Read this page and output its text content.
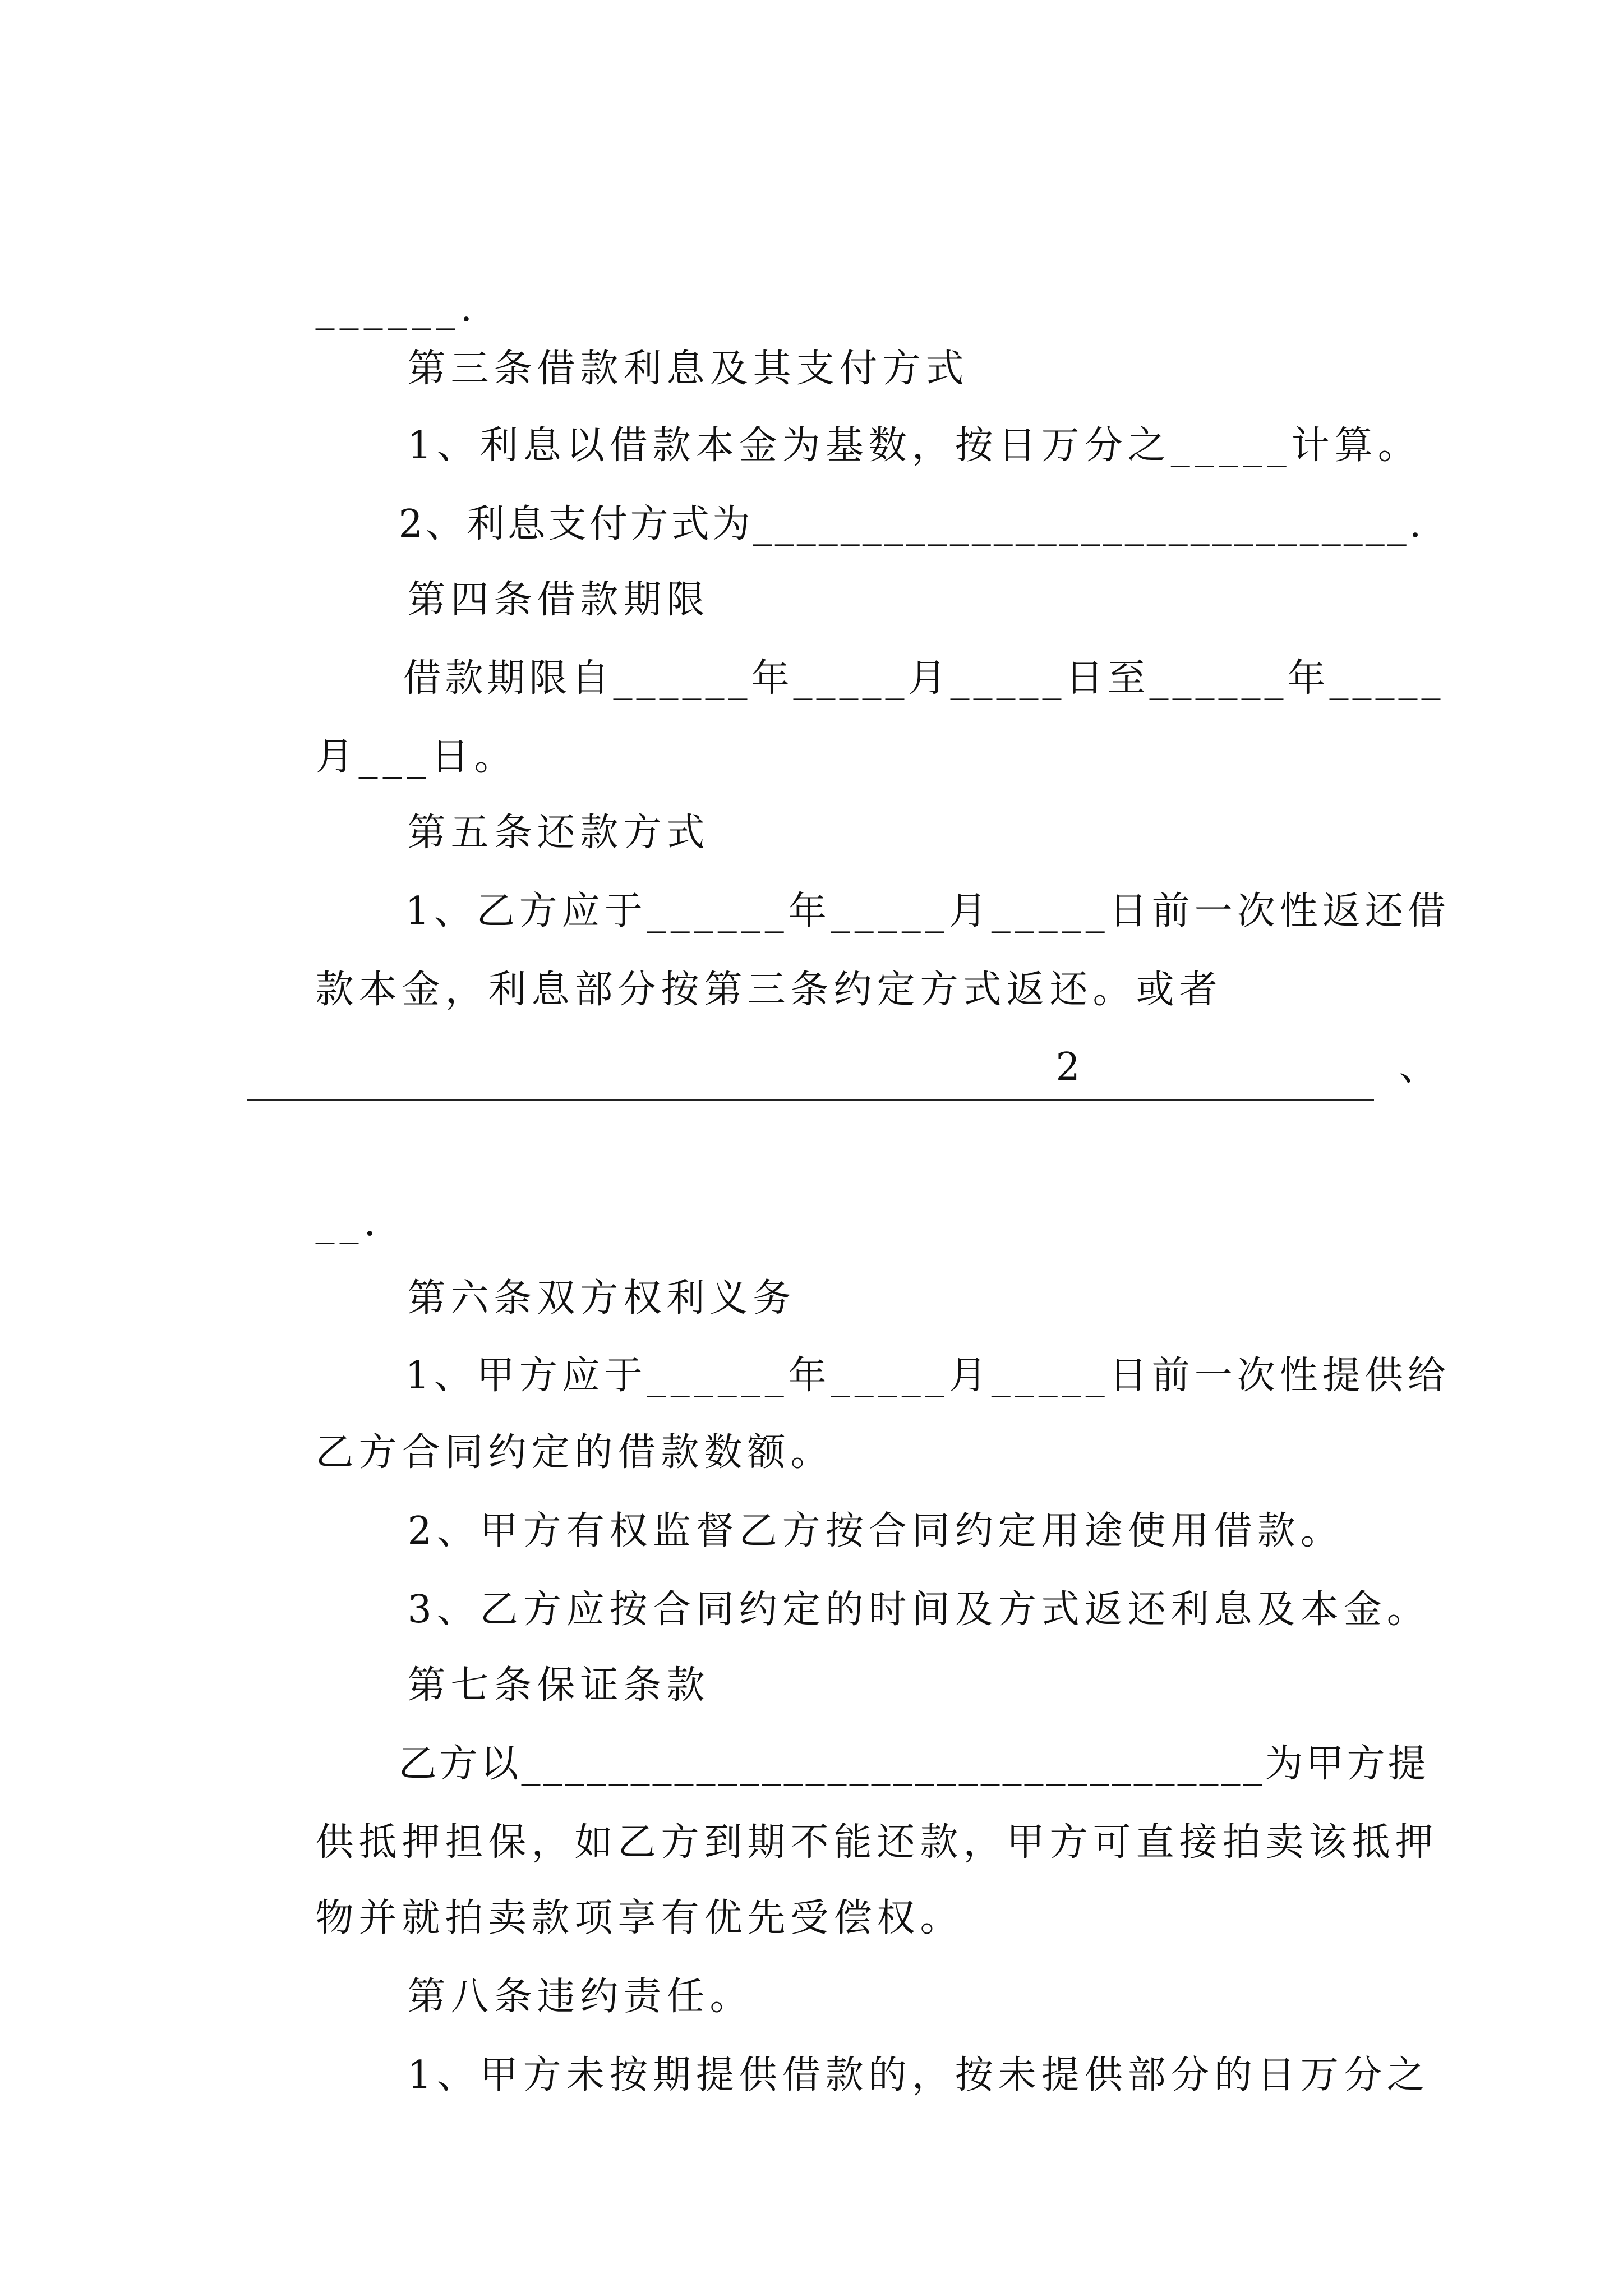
______.

第三条借款利息及其支付方式

1、利息以借款本金为基数，按日万分之_____计算。

2、利息支付方式为______________________________.

第四条借款期限

借款期限自______年_____月_____日至______年_____

月___日。

第五条还款方式

1、乙方应于______年_____月_____日前一次性返还借

款本金，利息部分按第三条约定方式返还。或者

2
	、

__.

第六条双方权利义务

1、甲方应于______年_____月_____日前一次性提供给

乙方合同约定的借款数额。

2、甲方有权监督乙方按合同约定用途使用借款。

3、乙方应按合同约定的时间及方式返还利息及本金。

第七条保证条款

乙方以__________________________________为甲方提

供抵押担保，如乙方到期不能还款，甲方可直接拍卖该抵押

物并就拍卖款项享有优先受偿权。

第八条违约责任。

1、甲方未按期提供借款的，按未提供部分的日万分之
